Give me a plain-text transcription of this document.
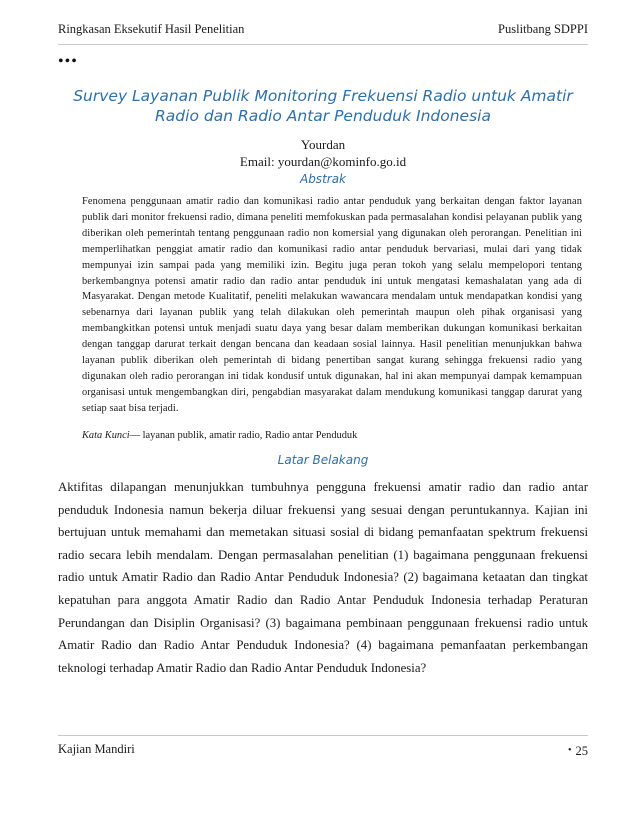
Ringkasan Eksekutif Hasil Penelitian	Puslitbang SDPPI
•••
Survey Layanan Publik Monitoring Frekuensi Radio untuk Amatir Radio dan Radio Antar Penduduk Indonesia
Yourdan
Email: yourdan@kominfo.go.id
Abstrak

Fenomena penggunaan amatir radio dan komunikasi radio antar penduduk yang berkaitan dengan faktor layanan publik dari monitor frekuensi radio, dimana peneliti memfokuskan pada permasalahan kondisi pelayanan publik yang diberikan oleh pemerintah tentang penggunaan radio non komersial yang digunakan oleh perorangan. Penelitian ini memperlihatkan penggiat amatir radio dan komunikasi radio antar penduduk bervariasi, mulai dari yang tidak mempunyai izin sampai pada yang memiliki izin. Begitu juga peran tokoh yang selalu mempelopori tentang berkembangnya potensi amatir radio dan radio antar penduduk ini untuk mengatasi kemashalatan yang ada di Masyarakat. Dengan metode Kualitatif, peneliti melakukan wawancara mendalam untuk mendapatkan kondisi yang sebenarnya dari layanan publik yang telah dilakukan oleh pemerintah maupun oleh pihak organisasi yang membangkitkan potensi untuk menjadi suatu daya yang besar dalam memberikan dukungan komunikasi berkaitan dengan tanggap darurat terkait dengan bencana dan keadaan sosial lainnya. Hasil penelitian menunjukkan bahwa layanan publik diberikan oleh pemerintah di bidang penertiban sangat kurang sehingga frekuensi radio yang digunakan oleh radio perorangan ini tidak kondusif untuk digunakan, hal ini akan mempunyai dampak kemampuan organisasi untuk mengembangkan diri, pengabdian masyarakat dalam mendukung komunikasi tanggap darurat yang setiap saat bisa terjadi.

Kata Kunci— layanan publik, amatir radio, Radio antar Penduduk
Latar Belakang

Aktifitas dilapangan menunjukkan tumbuhnya pengguna frekuensi amatir radio dan radio antar penduduk Indonesia namun bekerja diluar frekuensi yang sesuai dengan peruntukannya. Kajian ini bertujuan untuk memahami dan memetakan situasi sosial di bidang pemanfaatan spektrum frekuensi radio secara lebih mendalam. Dengan permasalahan penelitian (1) bagaimana penggunaan frekuensi radio untuk Amatir Radio dan Radio Antar Penduduk Indonesia? (2) bagaimana ketaatan dan tingkat kepatuhan para anggota Amatir Radio dan Radio Antar Penduduk Indonesia terhadap Peraturan Perundangan dan Disiplin Organisasi? (3) bagaimana pembinaan penggunaan frekuensi radio untuk Amatir Radio dan Radio Antar Penduduk Indonesia? (4) bagaimana pemanfaatan perkembangan teknologi terhadap Amatir Radio dan Radio Antar Penduduk Indonesia?

Kajian Mandiri	• 25
